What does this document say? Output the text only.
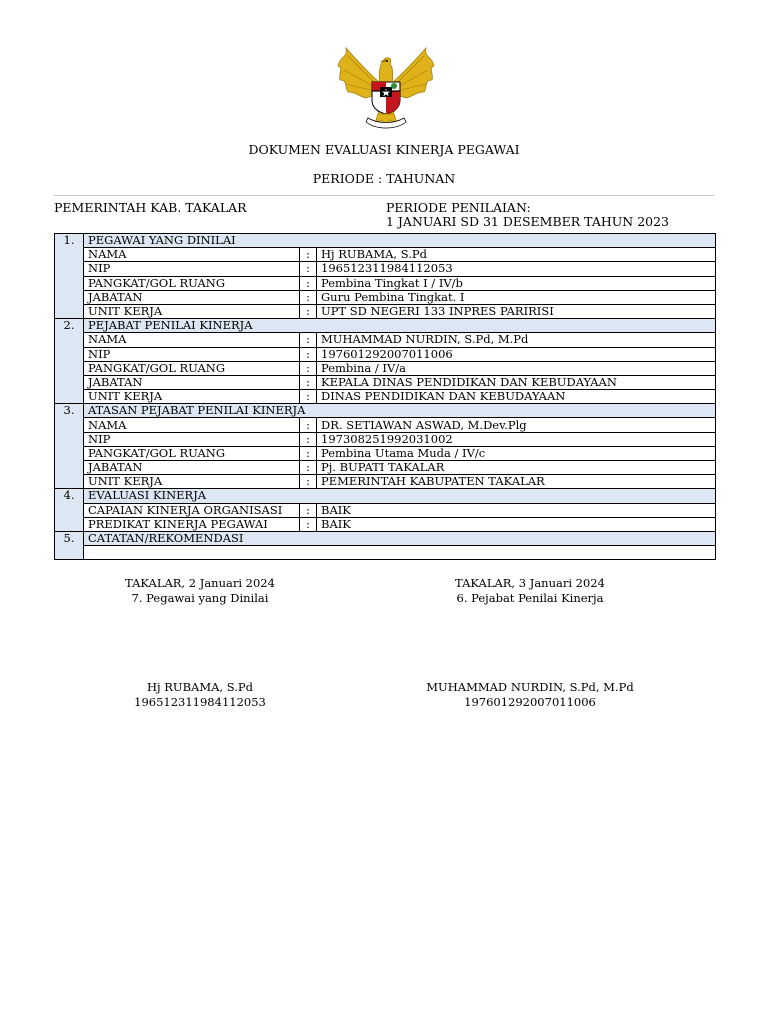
DOKUMEN EVALUASI KINERJA PEGAWAI
PERIODE : TAHUNAN
PEMERINTAH KAB. TAKALAR	PERIODE PENILAIAN:
1 JANUARI SD 31 DESEMBER TAHUN 2023
1.	PEGAWAI YANG DINILAI		
	NAMA	:	Hj RUBAMA, S.Pd
	NIP	:	196512311984112053
	PANGKAT/GOL RUANG	:	Pembina Tingkat I / IV/b
	JABATAN	:	Guru Pembina Tingkat. I
	UNIT KERJA	:	UPT SD NEGERI 133 INPRES PARIRISI
2.	PEJABAT PENILAI KINERJA		
	NAMA	:	MUHAMMAD NURDIN, S.Pd, M.Pd
	NIP	:	197601292007011006
	PANGKAT/GOL RUANG	:	Pembina / IV/a
	JABATAN	:	KEPALA DINAS PENDIDIKAN DAN KEBUDAYAAN
	UNIT KERJA	:	DINAS PENDIDIKAN DAN KEBUDAYAAN
3.	ATASAN PEJABAT PENILAI KINERJA		
	NAMA	:	DR. SETIAWAN ASWAD, M.Dev.Plg
	NIP	:	197308251992031002
	PANGKAT/GOL RUANG	:	Pembina Utama Muda / IV/c
	JABATAN	:	Pj. BUPATI TAKALAR
	UNIT KERJA	:	PEMERINTAH KABUPATEN TAKALAR
4.	EVALUASI KINERJA		
	CAPAIAN KINERJA ORGANISASI	:	BAIK
	PREDIKAT KINERJA PEGAWAI	:	BAIK
5.	CATATAN/REKOMENDASI		

TAKALAR, 2 Januari 2024
7. Pegawai yang Dinilai
TAKALAR, 3 Januari 2024
6. Pejabat Penilai Kinerja
Hj RUBAMA, S.Pd
196512311984112053
MUHAMMAD NURDIN, S.Pd, M.Pd
197601292007011006
